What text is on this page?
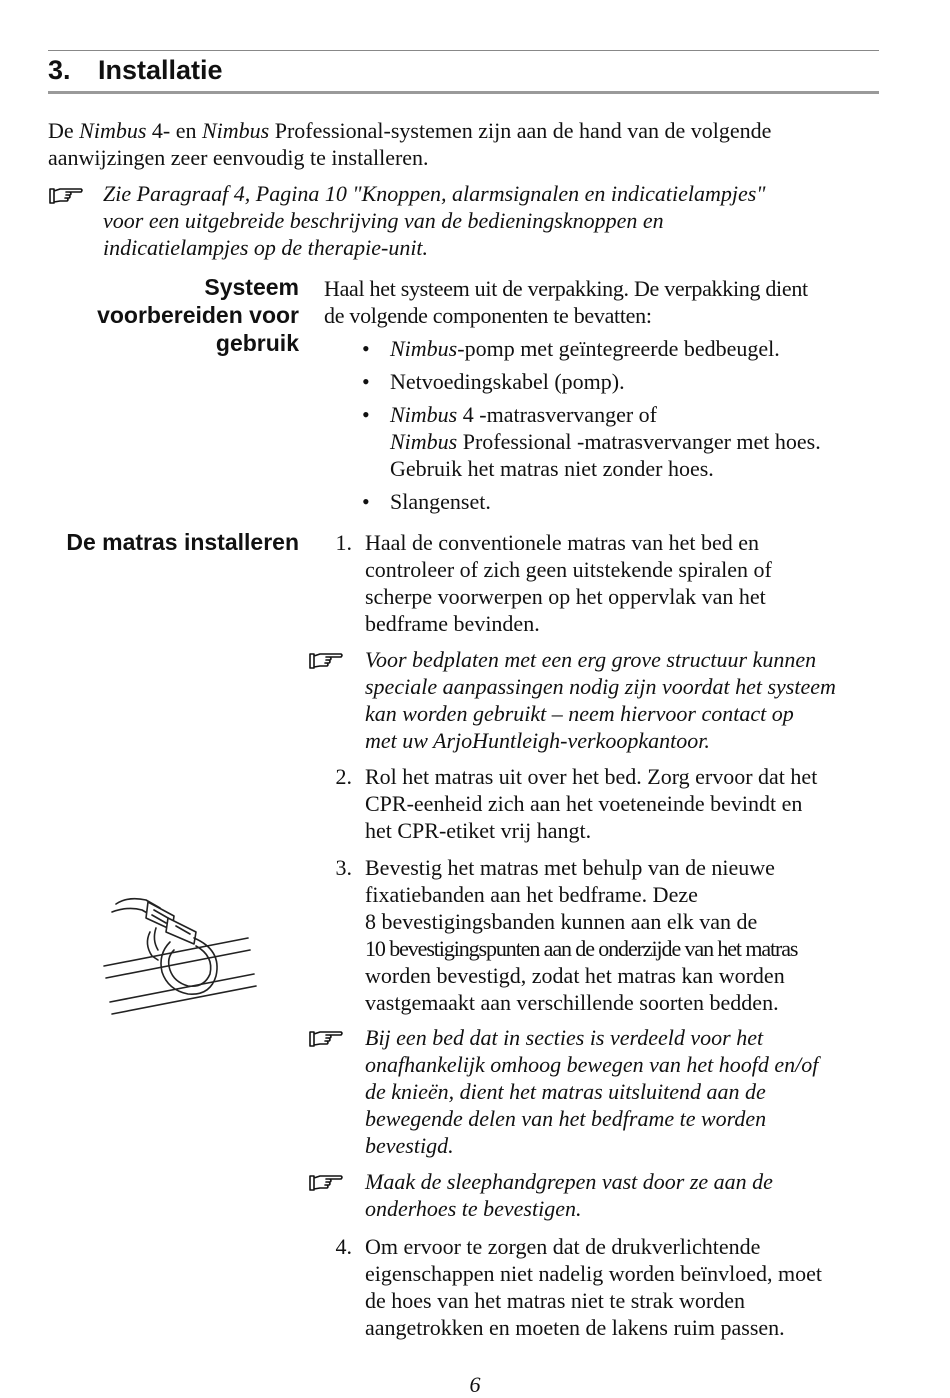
3. Installatie
De Nimbus 4- en Nimbus Professional-systemen zijn aan de hand van de volgende
aanwijzingen zeer eenvoudig te installeren.
Zie Paragraaf 4, Pagina 10 "Knoppen, alarmsignalen en indicatielampjes"
voor een uitgebreide beschrijving van de bedieningsknoppen en
indicatielampjes op de therapie-unit.
Systeem
voorbereiden voor
gebruik
Haal het systeem uit de verpakking. De verpakking dient
de volgende componenten te bevatten:
• Nimbus-pomp met geïntegreerde bedbeugel.
• Netvoedingskabel (pomp).
• Nimbus 4 -matrasvervanger of
Nimbus Professional -matrasvervanger met hoes.
Gebruik het matras niet zonder hoes.
• Slangenset.
De matras installeren	1. Haal de conventionele matras van het bed en
controleer of zich geen uitstekende spiralen of
scherpe voorwerpen op het oppervlak van het
bedframe bevinden.
Voor bedplaten met een erg grove structuur kunnen
speciale aanpassingen nodig zijn voordat het systeem
kan worden gebruikt – neem hiervoor contact op
met uw ArjoHuntleigh-verkoopkantoor.
2. Rol het matras uit over het bed. Zorg ervoor dat het
CPR-eenheid zich aan het voeteneinde bevindt en
het CPR-etiket vrij hangt.
3. Bevestig het matras met behulp van de nieuwe
fixatiebanden aan het bedframe. Deze
8 bevestigingsbanden kunnen aan elk van de
10 bevestigingspunten aan de onderzijde van het matras
worden bevestigd, zodat het matras kan worden
vastgemaakt aan verschillende soorten bedden.
Bij een bed dat in secties is verdeeld voor het
onafhankelijk omhoog bewegen van het hoofd en/of
de knieën, dient het matras uitsluitend aan de
bewegende delen van het bedframe te worden
bevestigd.
Maak de sleephandgrepen vast door ze aan de
onderhoes te bevestigen.
4. Om ervoor te zorgen dat de drukverlichtende
eigenschappen niet nadelig worden beïnvloed, moet
de hoes van het matras niet te strak worden
aangetrokken en moeten de lakens ruim passen.
6
